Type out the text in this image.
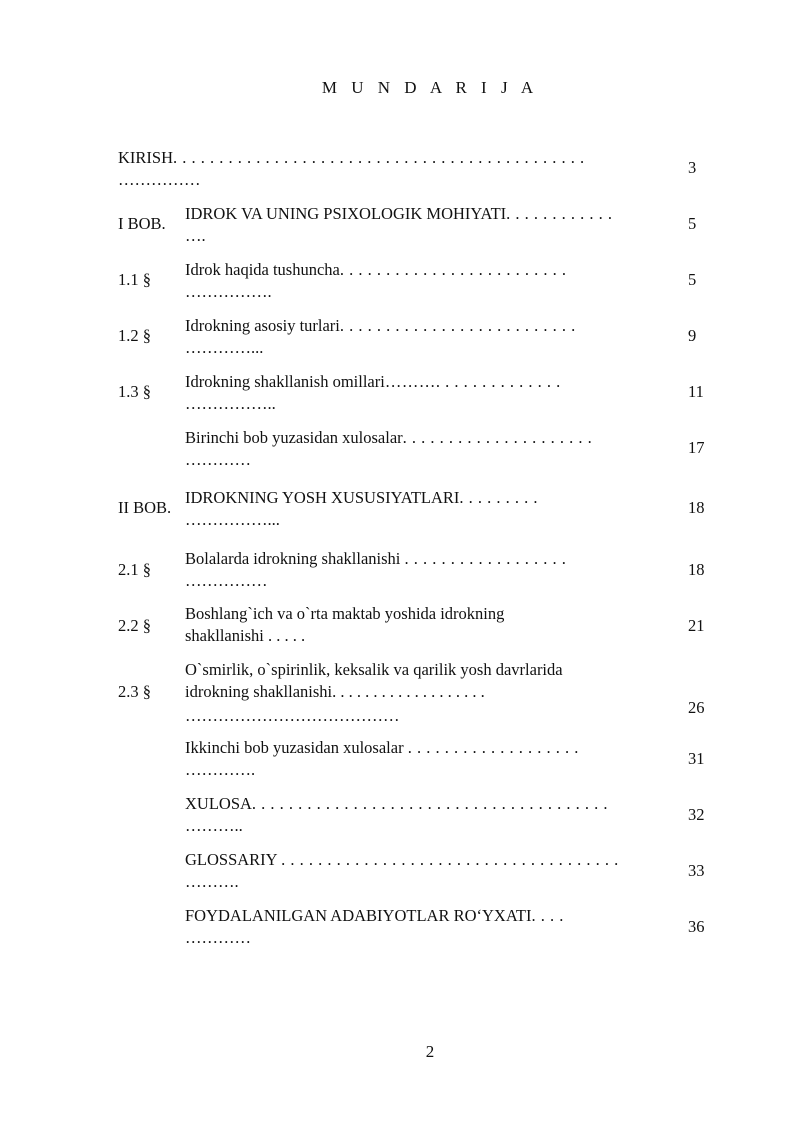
M U N D A R I J A
KIRISH. . . . . . . . . . . . . . . . . . . . . . . . . . . . . . . . . . . . . . . . . . . . .
……………
3
I BOB.
IDROK VA UNING PSIXOLOGIK MOHIYATI. . . . . . . . . . . .
….
5
1.1 §
Idrok haqida tushuncha. . . . . . . . . . . . . . . . . . . . . . . . .
…………….
5
1.2 §
Idrokning asosiy turlari. . . . . . . . . . . . . . . . . . . . . . . . . .
…………...
9
1.3 §
Idrokning shakllanish omillari………. . . . . . . . . . . . . .
……………..
11
Birinchi bob yuzasidan xulosalar. . . . . . . . . . . . . . . . . . . . .
…………
17
II BOB.
IDROKNING YOSH XUSUSIYATLARI. . . . . . . . .
……………...
18
2.1 §
Bolalarda idrokning shakllanishi . . . . . . . . . . . . . . . . . .
……………
18
2.2 §
Boshlang`ich va o`rta maktab yoshida idrokning
shakllanishi . . . . .
21
2.3 §
O`smirlik, o`spirinlik, keksalik va qarilik yosh davrlarida
idrokning shakllanishi. . . . . . . . . . . . . . . . . . .
…………………………………	26
Ikkinchi bob yuzasidan xulosalar . . . . . . . . . . . . . . . . . . .
………….
31
XULOSA. . . . . . . . . . . . . . . . . . . . . . . . . . . . . . . . . . . . . . .
………..
32
GLOSSARIY . . . . . . . . . . . . . . . . . . . . . . . . . . . . . . . . . . . . .
……….
33
FOYDALANILGAN ADABIYOTLAR RO‘YXATI. . . .
…………
36
2
